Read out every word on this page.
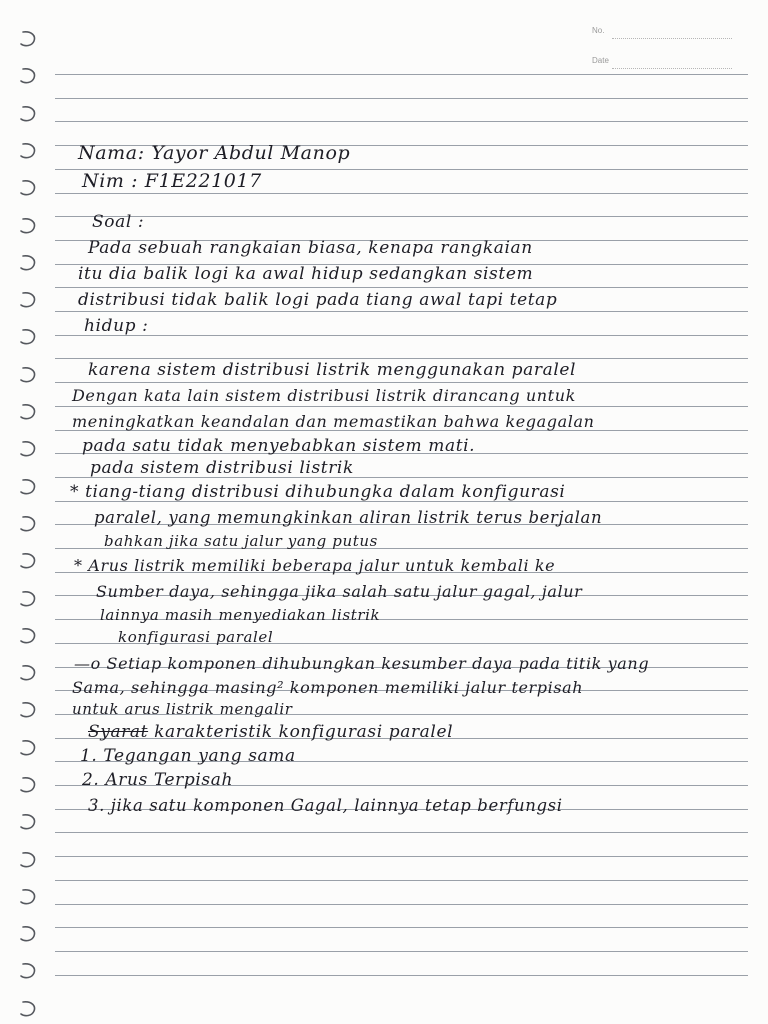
No.
Date
Nama: Yayor Abdul Manop
Nim : F1E221017
Soal :
Pada sebuah rangkaian biasa, kenapa rangkaian
itu dia balik logi ka awal hidup sedangkan sistem
distribusi tidak balik logi pada tiang awal tapi tetap
hidup :
karena sistem distribusi listrik menggunakan paralel
Dengan kata lain sistem distribusi listrik dirancang untuk
meningkatkan keandalan dan memastikan bahwa kegagalan
pada satu tidak menyebabkan sistem mati.
pada sistem distribusi listrik
* tiang-tiang distribusi dihubungka dalam konfigurasi
paralel, yang memungkinkan aliran listrik terus berjalan
bahkan jika satu jalur yang putus
* Arus listrik memiliki beberapa jalur untuk kembali ke
Sumber daya, sehingga jika salah satu jalur gagal, jalur
lainnya masih menyediakan listrik
konfigurasi paralel
—o Setiap komponen dihubungkan kesumber daya pada titik yang
Sama, sehingga masing² komponen memiliki jalur terpisah
untuk arus listrik mengalir
Syarat karakteristik konfigurasi paralel
1. Tegangan yang sama
2. Arus Terpisah
3. jika satu komponen Gagal, lainnya tetap berfungsi
